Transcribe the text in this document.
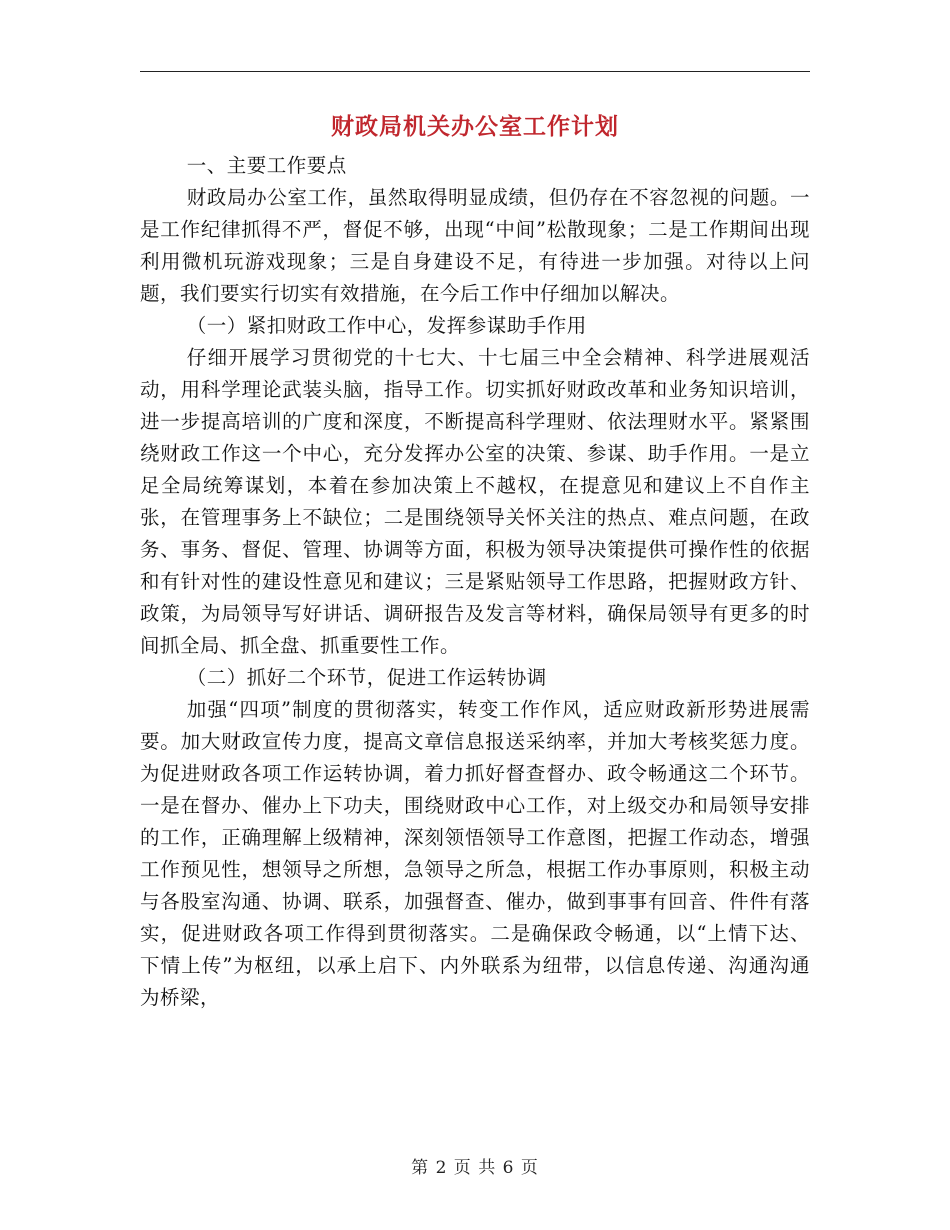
财政局机关办公室工作计划

一、主要工作要点

财政局办公室工作，虽然取得明显成绩，但仍存在不容忽视的问题。一是工作纪律抓得不严，督促不够，出现“中间”松散现象；二是工作期间出现利用微机玩游戏现象；三是自身建设不足，有待进一步加强。对待以上问题，我们要实行切实有效措施，在今后工作中仔细加以解决。

（一）紧扣财政工作中心，发挥参谋助手作用

仔细开展学习贯彻党的十七大、十七届三中全会精神、科学进展观活动，用科学理论武装头脑，指导工作。切实抓好财政改革和业务知识培训，进一步提高培训的广度和深度，不断提高科学理财、依法理财水平。紧紧围绕财政工作这一个中心，充分发挥办公室的决策、参谋、助手作用。一是立足全局统筹谋划，本着在参加决策上不越权，在提意见和建议上不自作主张，在管理事务上不缺位；二是围绕领导关怀关注的热点、难点问题，在政务、事务、督促、管理、协调等方面，积极为领导决策提供可操作性的依据和有针对性的建设性意见和建议；三是紧贴领导工作思路，把握财政方针、政策，为局领导写好讲话、调研报告及发言等材料，确保局领导有更多的时间抓全局、抓全盘、抓重要性工作。

（二）抓好二个环节，促进工作运转协调

加强“四项”制度的贯彻落实，转变工作作风，适应财政新形势进展需要。加大财政宣传力度，提高文章信息报送采纳率，并加大考核奖惩力度。为促进财政各项工作运转协调，着力抓好督查督办、政令畅通这二个环节。一是在督办、催办上下功夫，围绕财政中心工作，对上级交办和局领导安排的工作，正确理解上级精神，深刻领悟领导工作意图，把握工作动态，增强工作预见性，想领导之所想，急领导之所急，根据工作办事原则，积极主动与各股室沟通、协调、联系，加强督查、催办，做到事事有回音、件件有落实，促进财政各项工作得到贯彻落实。二是确保政令畅通，以“上情下达、下情上传”为枢纽，以承上启下、内外联系为纽带，以信息传递、沟通沟通为桥梁，

第 2 页 共 6 页
